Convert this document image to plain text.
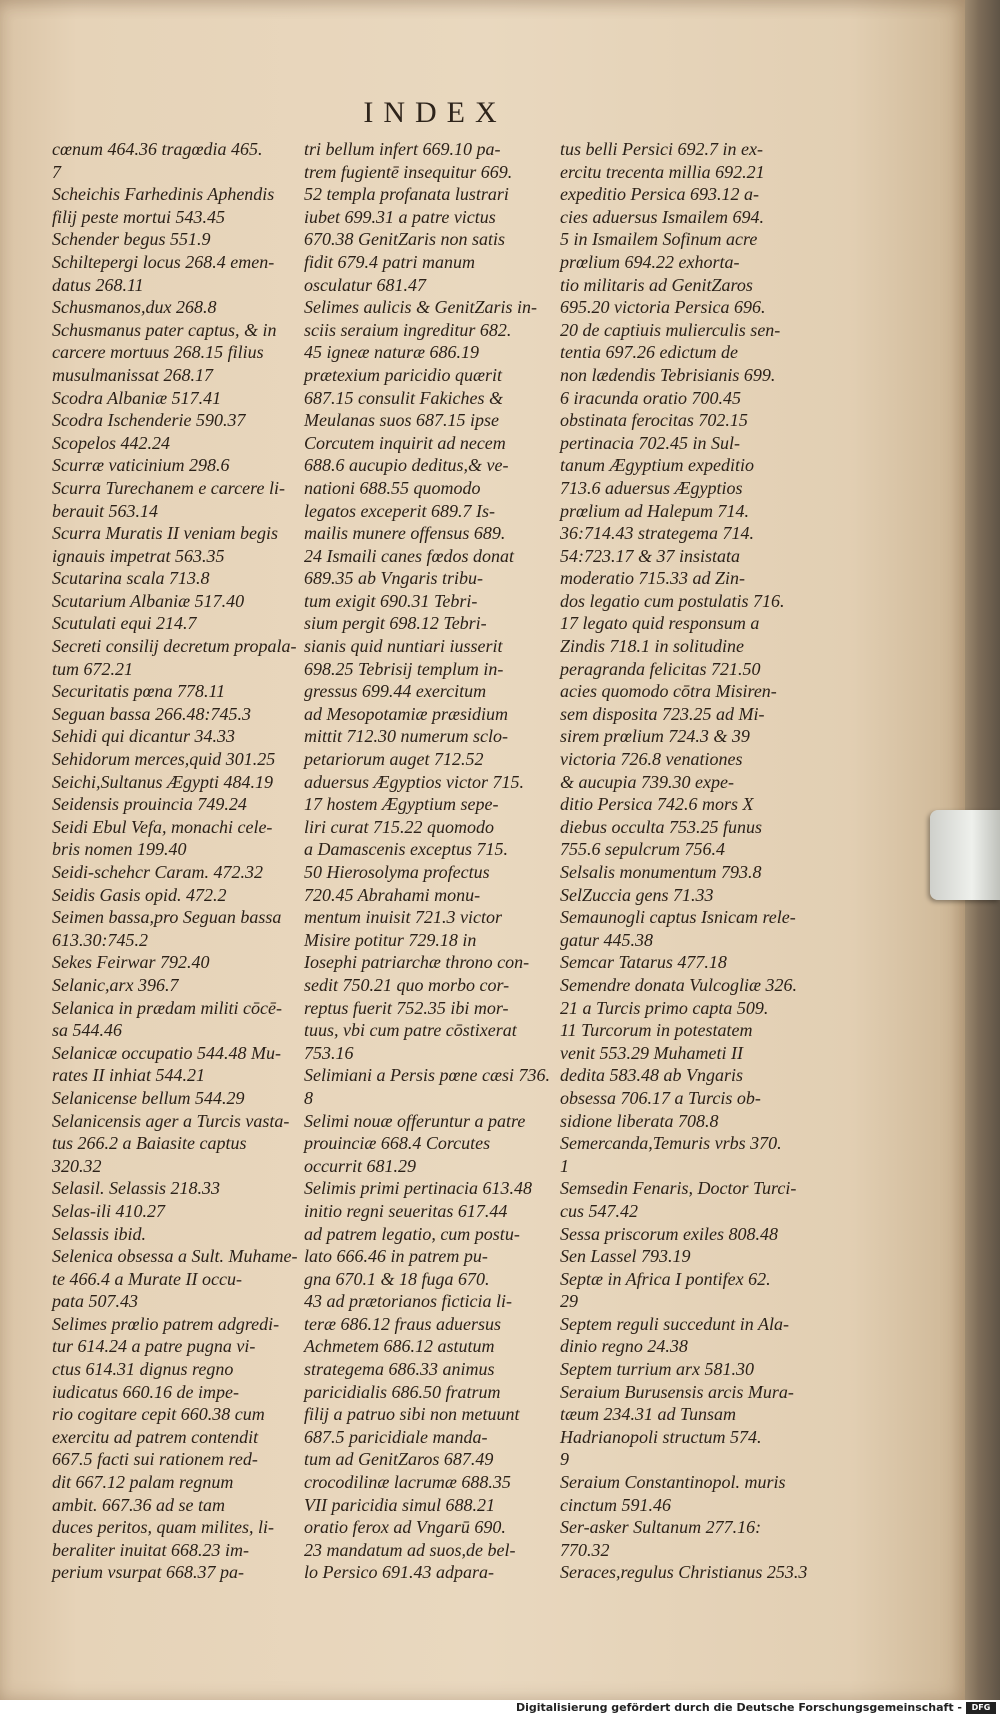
INDEX
cœnum 464.36 tragœdia 465.
7
Scheichis Farhedinis Aphendis
filij peste mortui 543.45
Schender begus 551.9
Schiltepergi locus 268.4 emen-
datus 268.11
Schusmanos,dux 268.8
Schusmanus pater captus, & in
carcere mortuus 268.15 filius
musulmanissat 268.17
Scodra Albaniæ 517.41
Scodra Ischenderie 590.37
Scopelos 442.24
Scurræ vaticinium 298.6
Scurra Turechanem e carcere li-
berauit 563.14
Scurra Muratis II veniam begis
ignauis impetrat 563.35
Scutarina scala 713.8
Scutarium Albaniæ 517.40
Scutulati equi 214.7
Secreti consilij decretum propala-
tum 672.21
Securitatis pœna 778.11
Seguan bassa 266.48:745.3
Sehidi qui dicantur 34.33
Sehidorum merces,quid 301.25
Seichi,Sultanus Ægypti 484.19
Seidensis prouincia 749.24
Seidi Ebul Vefa, monachi cele-
bris nomen 199.40
Seidi-schehcr Caram. 472.32
Seidis Gasis opid. 472.2
Seimen bassa,pro Seguan bassa
613.30:745.2
Sekes Feirwar 792.40
Selanic,arx 396.7
Selanica in prædam militi cōcē-
sa 544.46
Selanicæ occupatio 544.48 Mu-
rates II inhiat 544.21
Selanicense bellum 544.29
Selanicensis ager a Turcis vasta-
tus 266.2 a Baiasite captus
320.32
Selasil. Selassis 218.33
Selas-ili 410.27
Selassis ibid.
Selenica obsessa a Sult. Muhame-
te 466.4 a Murate II occu-
pata 507.43
Selimes prœlio patrem adgredi-
tur 614.24 a patre pugna vi-
ctus 614.31 dignus regno
iudicatus 660.16 de impe-
rio cogitare cepit 660.38 cum
exercitu ad patrem contendit
667.5 facti sui rationem red-
dit 667.12 palam regnum
ambit. 667.36 ad se tam
duces peritos, quam milites, li-
beraliter inuitat 668.23 im-
perium vsurpat 668.37 pa-
tri bellum infert 669.10 pa-
trem fugientē insequitur 669.
52 templa profanata lustrari
iubet 699.31 a patre victus
670.38 GenitZaris non satis
fidit 679.4 patri manum
osculatur 681.47
Selimes aulicis & GenitZaris in-
sciis seraium ingreditur 682.
45 igneæ naturæ 686.19
prætexium paricidio quærit
687.15 consulit Fakiches &
Meulanas suos 687.15 ipse
Corcutem inquirit ad necem
688.6 aucupio deditus,& ve-
nationi 688.55 quomodo
legatos exceperit 689.7 Is-
mailis munere offensus 689.
24 Ismaili canes fœdos donat
689.35 ab Vngaris tribu-
tum exigit 690.31 Tebri-
sium pergit 698.12 Tebri-
sianis quid nuntiari iusserit
698.25 Tebrisij templum in-
gressus 699.44 exercitum
ad Mesopotamiæ præsidium
mittit 712.30 numerum sclo-
petariorum auget 712.52
aduersus Ægyptios victor 715.
17 hostem Ægyptium sepe-
liri curat 715.22 quomodo
a Damascenis exceptus 715.
50 Hierosolyma profectus
720.45 Abrahami monu-
mentum inuisit 721.3 victor
Misire potitur 729.18 in
Iosephi patriarchæ throno con-
sedit 750.21 quo morbo cor-
reptus fuerit 752.35 ibi mor-
tuus, vbi cum patre cōstixerat
753.16
Selimiani a Persis pœne cæsi 736.
8
Selimi nouæ offeruntur a patre
prouinciæ 668.4 Corcutes
occurrit 681.29
Selimis primi pertinacia 613.48
initio regni seueritas 617.44
ad patrem legatio, cum postu-
lato 666.46 in patrem pu-
gna 670.1 & 18 fuga 670.
43 ad prætorianos ficticia li-
teræ 686.12 fraus aduersus
Achmetem 686.12 astutum
strategema 686.33 animus
paricidialis 686.50 fratrum
filij a patruo sibi non metuunt
687.5 paricidiale manda-
tum ad GenitZaros 687.49
crocodilinæ lacrumæ 688.35
VII paricidia simul 688.21
oratio ferox ad Vngarū 690.
23 mandatum ad suos,de bel-
lo Persico 691.43 adpara-
tus belli Persici 692.7 in ex-
ercitu trecenta millia 692.21
expeditio Persica 693.12 a-
cies aduersus Ismailem 694.
5 in Ismailem Sofinum acre
prœlium 694.22 exhorta-
tio militaris ad GenitZaros
695.20 victoria Persica 696.
20 de captiuis mulierculis sen-
tentia 697.26 edictum de
non lædendis Tebrisianis 699.
6 iracunda oratio 700.45
obstinata ferocitas 702.15
pertinacia 702.45 in Sul-
tanum Ægyptium expeditio
713.6 aduersus Ægyptios
prœlium ad Halepum 714.
36:714.43 strategema 714.
54:723.17 & 37 insistata
moderatio 715.33 ad Zin-
dos legatio cum postulatis 716.
17 legato quid responsum a
Zindis 718.1 in solitudine
peragranda felicitas 721.50
acies quomodo cōtra Misiren-
sem disposita 723.25 ad Mi-
sirem prœlium 724.3 & 39
victoria 726.8 venationes
& aucupia 739.30 expe-
ditio Persica 742.6 mors X
diebus occulta 753.25 funus
755.6 sepulcrum 756.4
Selsalis monumentum 793.8
SelZuccia gens 71.33
Semaunogli captus Isnicam rele-
gatur 445.38
Semcar Tatarus 477.18
Semendre donata Vulcogliæ 326.
21 a Turcis primo capta 509.
11 Turcorum in potestatem
venit 553.29 Muhameti II
dedita 583.48 ab Vngaris
obsessa 706.17 a Turcis ob-
sidione liberata 708.8
Semercanda,Temuris vrbs 370.
1
Semsedin Fenaris, Doctor Turci-
cus 547.42
Sessa priscorum exiles 808.48
Sen Lassel 793.19
Septæ in Africa I pontifex 62.
29
Septem reguli succedunt in Ala-
dinio regno 24.38
Septem turrium arx 581.30
Seraium Burusensis arcis Mura-
tæum 234.31 ad Tunsam
Hadrianopoli structum 574.
9
Seraium Constantinopol. muris
cinctum 591.46
Ser-asker Sultanum 277.16:
770.32
Seraces,regulus Christianus 253.3
Digitalisierung gefördert durch die Deutsche Forschungsgemeinschaft -	DFG
